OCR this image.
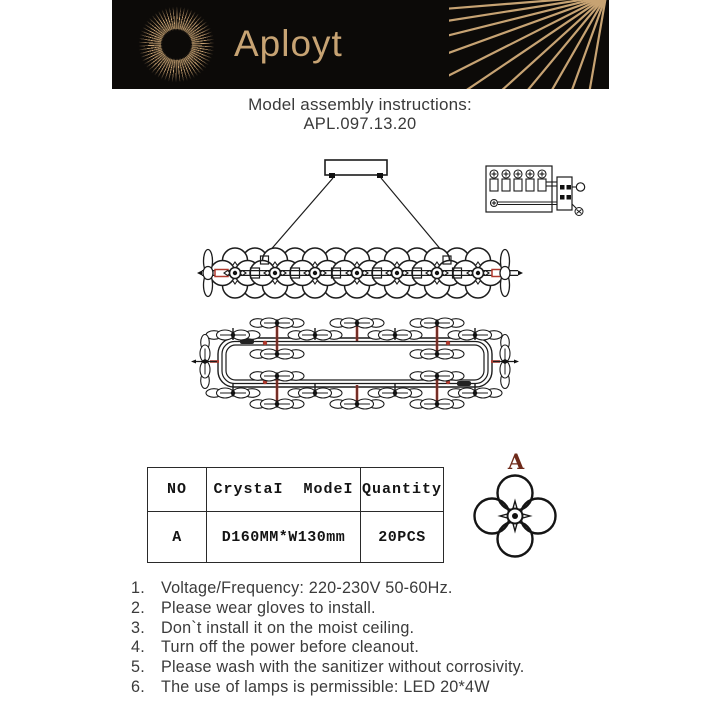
Aployt
Model assembly instructions:
APL.097.13.20
NO	CrystaI  ModeI	Quantity
A	D160MM*W130mm	20PCS
A
1. Voltage/Frequency: 220-230V 50-60Hz.
2. Please wear gloves to install.
3. Don`t install it on the moist ceiling.
4. Turn off the power before cleanout.
5. Please wash with the sanitizer without corrosivity.
6. The use of lamps is permissible: LED 20*4W
